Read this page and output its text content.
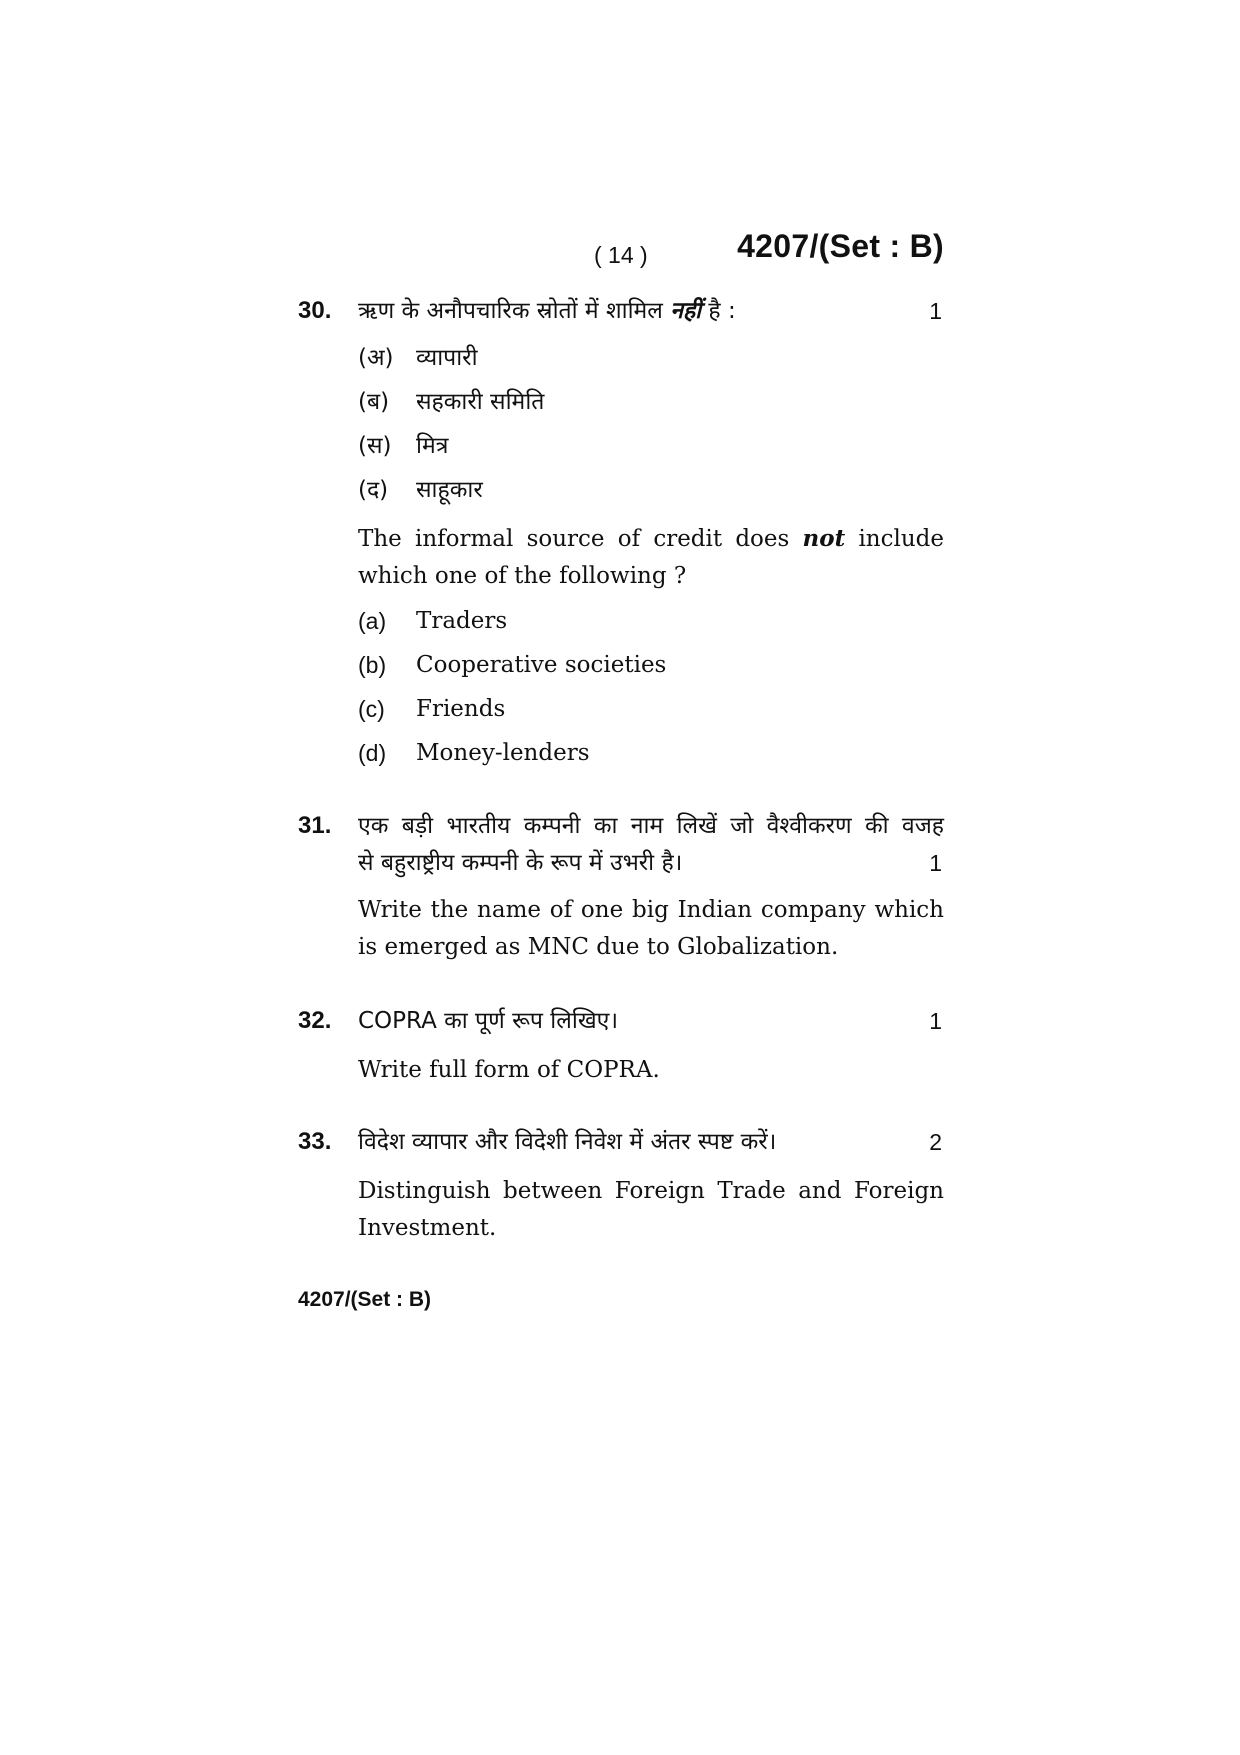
( 14 )	4207/(Set : B)
30. ऋण के अनौपचारिक स्रोतों में शामिल नहीं है :	1
(अ) व्यापारी
(ब)	सहकारी समिति
(स)	मित्र
(द)	साहूकार
The informal source of credit does not include which one of the following ?
(a)	Traders
(b)	Cooperative societies
(c)	Friends
(d)	Money-lenders
31. एक बड़ी भारतीय कम्पनी का नाम लिखें जो वैश्वीकरण की वजह
से बहुराष्ट्रीय कम्पनी के रूप में उभरी है।	1
Write the name of one big Indian company which is emerged as MNC due to Globalization.
32. COPRA का पूर्ण रूप लिखिए।	1
Write full form of COPRA.
33. विदेश व्यापार और विदेशी निवेश में अंतर स्पष्ट करें।	2
Distinguish between Foreign Trade and Foreign Investment.
4207/(Set : B)
